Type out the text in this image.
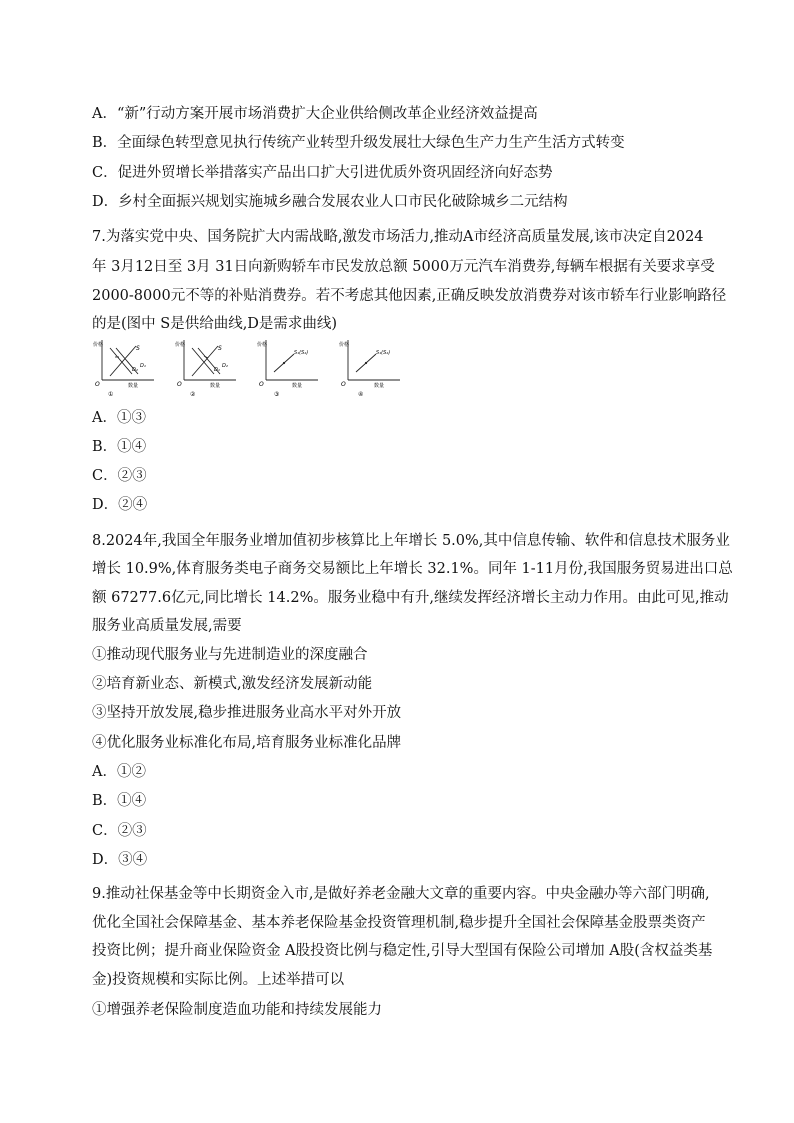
A．“新”行动方案开展市场消费扩大企业供给侧改革企业经济效益提高
B．全面绿色转型意见执行传统产业转型升级发展壮大绿色生产力生产生活方式转变
C．促进外贸增长举措落实产品出口扩大引进优质外资巩固经济向好态势
D．乡村全面振兴规划实施城乡融合发展农业人口市民化破除城乡二元结构
7.为落实党中央、国务院扩大内需战略,激发市场活力,推动A市经济高质量发展,该市决定自2024
年 3月12日至 3月 31日向新购轿车市民发放总额 5000万元汽车消费券,每辆车根据有关要求享受
2000-8000元不等的补贴消费券。若不考虑其他因素,正确反映发放消费券对该市轿车行业影响路径
的是(图中 S是供给曲线,D是需求曲线)
价格
O
S
D₂
D₁
数量
①
价格
O
S
D₁
D₂
数量
②
价格
O
S₁(S₂)
数量
③
价格
O
S₁(S₂)
数量
④
A．①③
B．①④
C．②③
D．②④
8.2024年,我国全年服务业增加值初步核算比上年增长 5.0%,其中信息传输、软件和信息技术服务业
增长 10.9%,体育服务类电子商务交易额比上年增长 32.1%。同年 1-11月份,我国服务贸易进出口总
额 67277.6亿元,同比增长 14.2%。服务业稳中有升,继续发挥经济增长主动力作用。由此可见,推动
服务业高质量发展,需要
①推动现代服务业与先进制造业的深度融合
②培育新业态、新模式,激发经济发展新动能
③坚持开放发展,稳步推进服务业高水平对外开放
④优化服务业标准化布局,培育服务业标准化品牌
A．①②
B．①④
C．②③
D．③④
9.推动社保基金等中长期资金入市,是做好养老金融大文章的重要内容。中央金融办等六部门明确,
优化全国社会保障基金、基本养老保险基金投资管理机制,稳步提升全国社会保障基金股票类资产
投资比例；提升商业保险资金 A股投资比例与稳定性,引导大型国有保险公司增加 A股(含权益类基
金)投资规模和实际比例。上述举措可以
①增强养老保险制度造血功能和持续发展能力
